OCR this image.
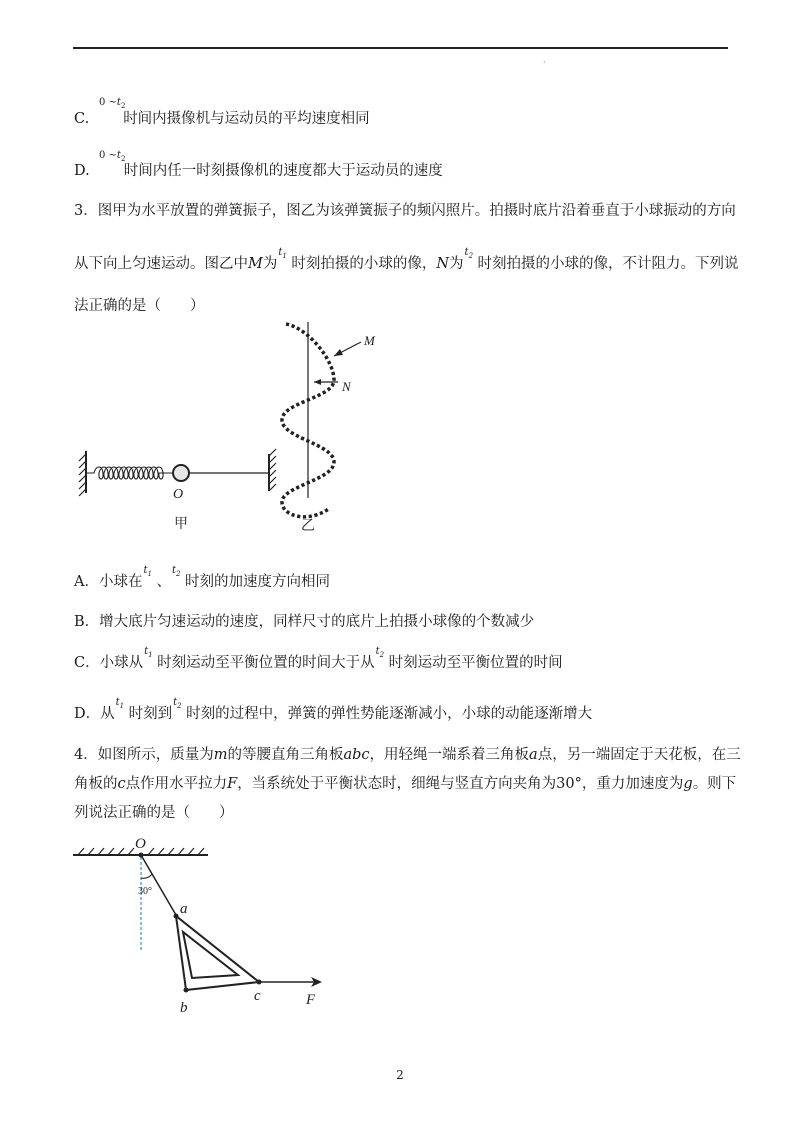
·
0 $\sim t_2$
C. 时间内摄像机与运动员的平均速度相同
0 $\sim t_2$
D. 时间内任一时刻摄像机的速度都大于运动员的速度
3．图甲为水平放置的弹簧振子，图乙为该弹簧振子的频闪照片。拍摄时底片沿着垂直于小球振动的方向
从下向上匀速运动。图乙中M为
$t_1$ 时刻拍摄的小球的像，N为
$t_2$ 时刻拍摄的小球的像，不计阻力。下列说
法正确的是（　　）
M
N
O
甲	乙
A．小球在
$t_1$ 、
$t_2$ 时刻的加速度方向相同
B．增大底片匀速运动的速度，同样尺寸的底片上拍摄小球像的个数减少
C．小球从
$t_1$ 时刻运动至平衡位置的时间大于从
$t_2$ 时刻运动至平衡位置的时间
D．从
$t_1$ 时刻到
$t_2$ 时刻的过程中，弹簧的弹性势能逐渐减小，小球的动能逐渐增大
4．如图所示，质量为m的等腰直角三角板abc，用轻绳一端系着三角板a点，另一端固定于天花板，在三
角板的c点作用水平拉力F，当系统处于平衡状态时，细绳与竖直方向夹角为30°，重力加速度为g。则下
列说法正确的是（　　）
O
30°
a
b
c	F
2
